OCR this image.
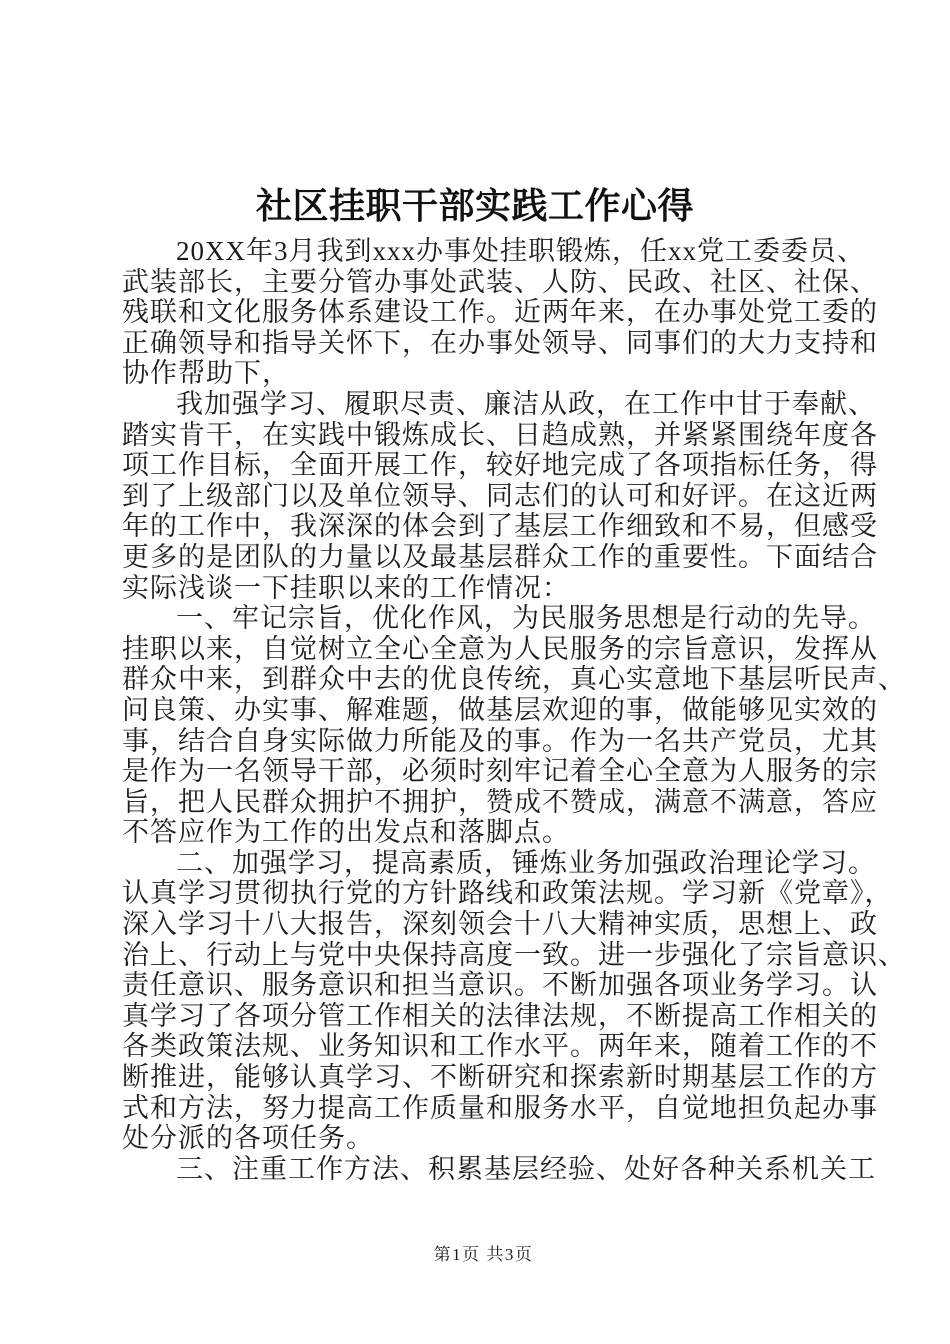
社区挂职干部实践工作心得

20XX年3月我到xxx办事处挂职锻炼，任xx党工委委员、
武装部长，主要分管办事处武装、人防、民政、社区、社保、
残联和文化服务体系建设工作。近两年来，在办事处党工委的
正确领导和指导关怀下，在办事处领导、同事们的大力支持和
协作帮助下，

我加强学习、履职尽责、廉洁从政，在工作中甘于奉献、
踏实肯干，在实践中锻炼成长、日趋成熟，并紧紧围绕年度各
项工作目标，全面开展工作，较好地完成了各项指标任务，得
到了上级部门以及单位领导、同志们的认可和好评。在这近两
年的工作中，我深深的体会到了基层工作细致和不易，但感受
更多的是团队的力量以及最基层群众工作的重要性。下面结合
实际浅谈一下挂职以来的工作情况：

一、牢记宗旨，优化作风，为民服务思想是行动的先导。
挂职以来，自觉树立全心全意为人民服务的宗旨意识，发挥从
群众中来，到群众中去的优良传统，真心实意地下基层听民声、
问良策、办实事、解难题，做基层欢迎的事，做能够见实效的
事，结合自身实际做力所能及的事。作为一名共产党员，尤其
是作为一名领导干部，必须时刻牢记着全心全意为人服务的宗
旨，把人民群众拥护不拥护，赞成不赞成，满意不满意，答应
不答应作为工作的出发点和落脚点。

二、加强学习，提高素质，锤炼业务加强政治理论学习。
认真学习贯彻执行党的方针路线和政策法规。学习新《党章》，
深入学习十八大报告，深刻领会十八大精神实质，思想上、政
治上、行动上与党中央保持高度一致。进一步强化了宗旨意识、
责任意识、服务意识和担当意识。不断加强各项业务学习。认
真学习了各项分管工作相关的法律法规，不断提高工作相关的
各类政策法规、业务知识和工作水平。两年来，随着工作的不
断推进，能够认真学习、不断研究和探索新时期基层工作的方
式和方法，努力提高工作质量和服务水平，自觉地担负起办事
处分派的各项任务。

三、注重工作方法、积累基层经验、处好各种关系机关工

第1页 共3页
